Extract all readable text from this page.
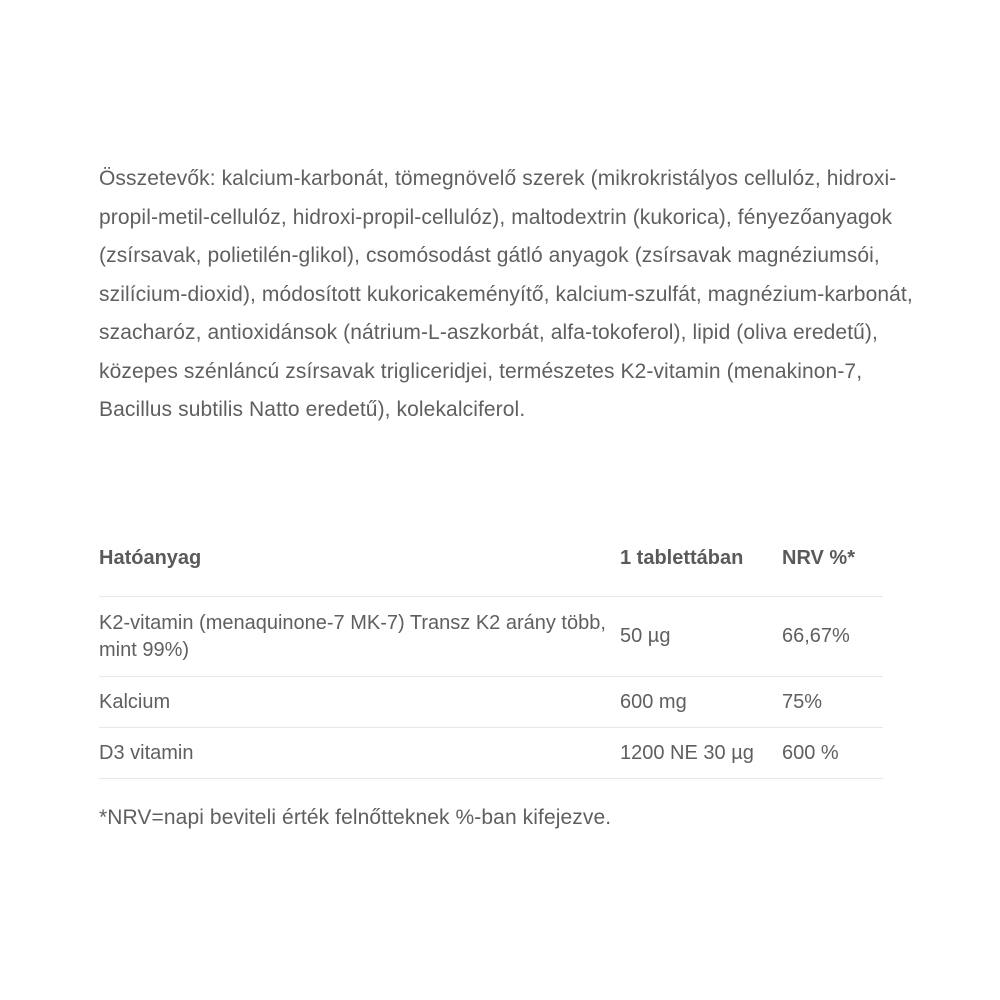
Összetevők: kalcium-karbonát, tömegnövelő szerek (mikrokristályos cellulóz, hidroxi-propil-metil-cellulóz, hidroxi-propil-cellulóz), maltodextrin (kukorica), fényezőanyagok (zsírsavak, polietilén-glikol), csomósodást gátló anyagok (zsírsavak magnéziumsói, szilícium-dioxid), módosított kukoricakeményítő, kalcium-szulfát, magnézium-karbonát, szacharóz, antioxidánsok (nátrium-L-aszkorbát, alfa-tokoferol), lipid (oliva eredetű), közepes szénláncú zsírsavak trigliceridjei, természetes K2-vitamin (menakinon-7, Bacillus subtilis Natto eredetű), kolekalciferol.

Hatóanyag	1 tablettában	NRV %*
K2-vitamin (menaquinone-7 MK-7) Transz K2 arány több, mint 99%)	50 µg	66,67%
Kalcium	600 mg	75%
D3 vitamin	1200 NE 30 µg	600 %

*NRV=napi beviteli érték felnőtteknek %-ban kifejezve.
